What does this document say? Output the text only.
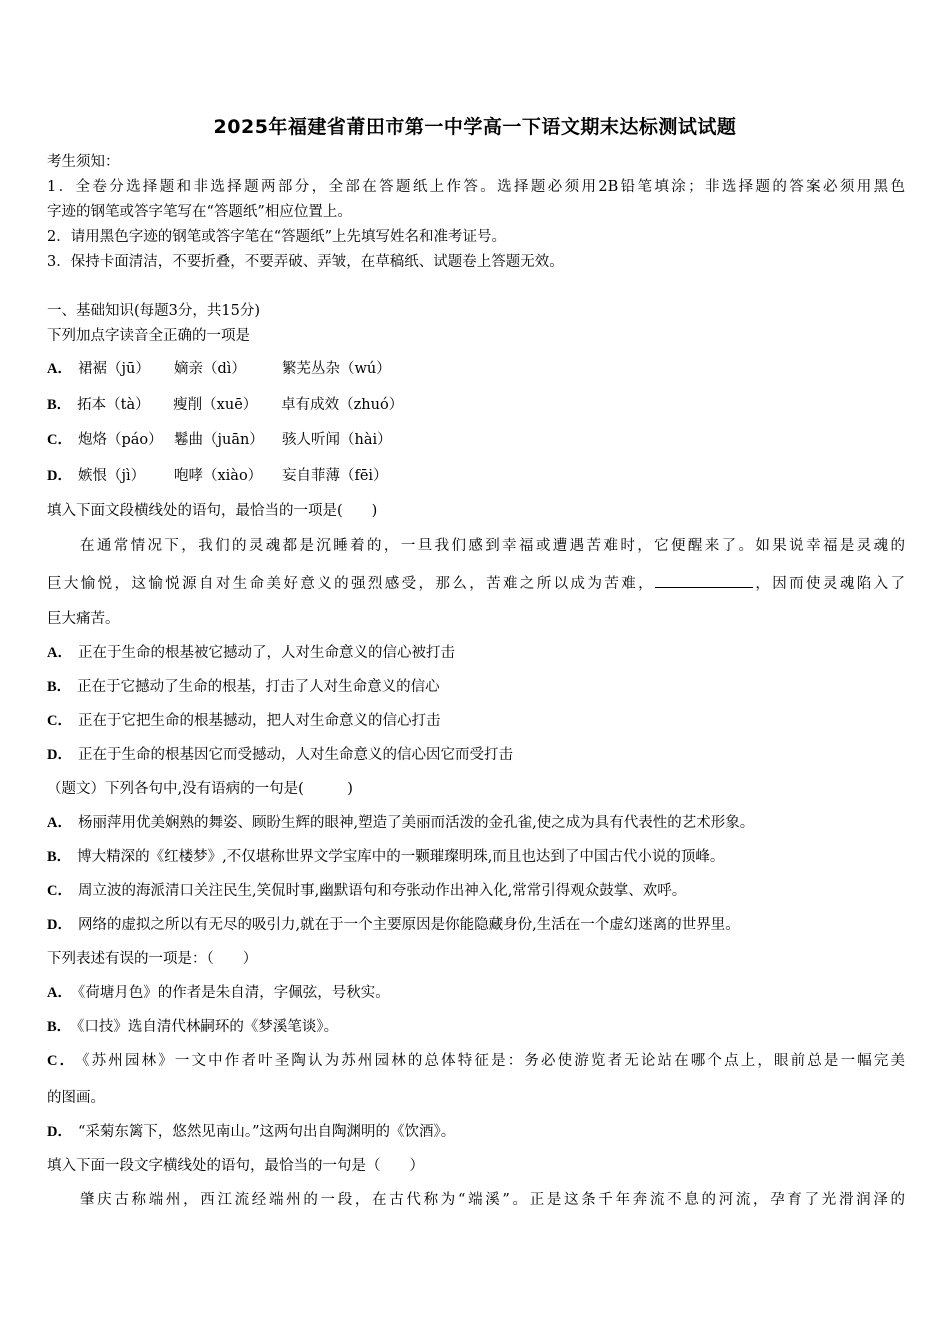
2025年福建省莆田市第一中学高一下语文期末达标测试试题
考生须知：
1．全卷分选择题和非选择题两部分，全部在答题纸上作答。选择题必须用2B铅笔填涂；非选择题的答案必须用黑色
字迹的钢笔或答字笔写在“答题纸”相应位置上。
2．请用黑色字迹的钢笔或答字笔在“答题纸”上先填写姓名和准考证号。
3．保持卡面清洁，不要折叠，不要弄破、弄皱，在草稿纸、试题卷上答题无效。
一、基础知识(每题3分，共15分)
下列加点字读音全正确的一项是
A． 裙裾（jū） 嫡亲（dì） 繁芜丛杂（wú）
B． 拓本（tà） 瘦削（xuē） 卓有成效（zhuó）
C． 炮烙（páo） 鬈曲（juān） 骇人听闻（hài）
D． 嫉恨（jì） 咆哮（xiào） 妄自菲薄（fēi）
填入下面文段横线处的语句，最恰当的一项是(　　)
在通常情况下，我们的灵魂都是沉睡着的，一旦我们感到幸福或遭遇苦难时，它便醒来了。如果说幸福是灵魂的
巨大愉悦，这愉悦源自对生命美好意义的强烈感受，那么，苦难之所以成为苦难，	，因而使灵魂陷入了
巨大痛苦。
A． 正在于生命的根基被它撼动了，人对生命意义的信心被打击
B． 正在于它撼动了生命的根基，打击了人对生命意义的信心
C． 正在于它把生命的根基撼动，把人对生命意义的信心打击
D． 正在于生命的根基因它而受撼动，人对生命意义的信心因它而受打击
（题文）下列各句中,没有语病的一句是(　　　)
A． 杨丽萍用优美娴熟的舞姿、顾盼生辉的眼神,塑造了美丽而活泼的金孔雀,使之成为具有代表性的艺术形象。
B． 博大精深的《红楼梦》,不仅堪称世界文学宝库中的一颗璀璨明珠,而且也达到了中国古代小说的顶峰。
C． 周立波的海派清口关注民生,笑侃时事,幽默语句和夸张动作出神入化,常常引得观众鼓掌、欢呼。
D． 网络的虚拟之所以有无尽的吸引力,就在于一个主要原因是你能隐藏身份,生活在一个虚幻迷离的世界里。
下列表述有误的一项是：（　　）
A． 《荷塘月色》的作者是朱自清，字佩弦，号秋实。
B． 《口技》选自清代林嗣环的《梦溪笔谈》。
C． 《苏州园林》一文中作者叶圣陶认为苏州园林的总体特征是：务必使游览者无论站在哪个点上，眼前总是一幅完美
的图画。
D． “采菊东篱下，悠然见南山。”这两句出自陶渊明的《饮酒》。
填入下面一段文字横线处的语句，最恰当的一句是（　　）
肇庆古称端州，西江流经端州的一段，在古代称为“端溪”。正是这条千年奔流不息的河流，孕育了光滑润泽的
